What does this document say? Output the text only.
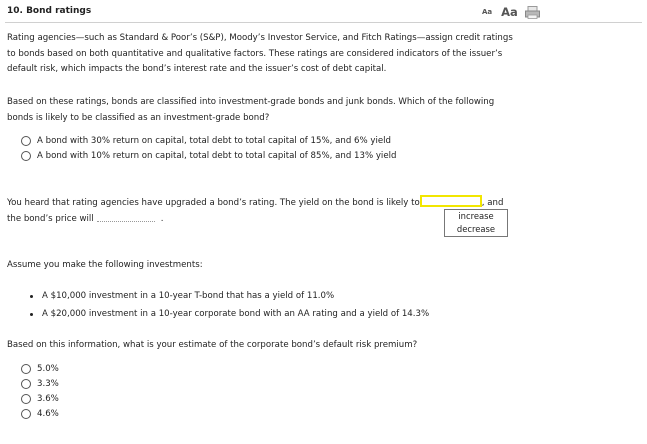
10. Bond ratings	Aa Aa
Rating agencies—such as Standard & Poor’s (S&P), Moody’s Investor Service, and Fitch Ratings—assign credit ratings
to bonds based on both quantitative and qualitative factors. These ratings are considered indicators of the issuer’s
default risk, which impacts the bond’s interest rate and the issuer’s cost of debt capital.
Based on these ratings, bonds are classified into investment-grade bonds and junk bonds. Which of the following
bonds is likely to be classified as an investment-grade bond?
A bond with 30% return on capital, total debt to total capital of 15%, and 6% yield
A bond with 10% return on capital, total debt to total capital of 85%, and 13% yield
You heard that rating agencies have upgraded a bond’s rating. The yield on the bond is likely to	, and
the bond’s price will	.	increase
decrease
Assume you make the following investments:
A $10,000 investment in a 10-year T-bond that has a yield of 11.0%
A $20,000 investment in a 10-year corporate bond with an AA rating and a yield of 14.3%
Based on this information, what is your estimate of the corporate bond’s default risk premium?
5.0%
3.3%
3.6%
4.6%
